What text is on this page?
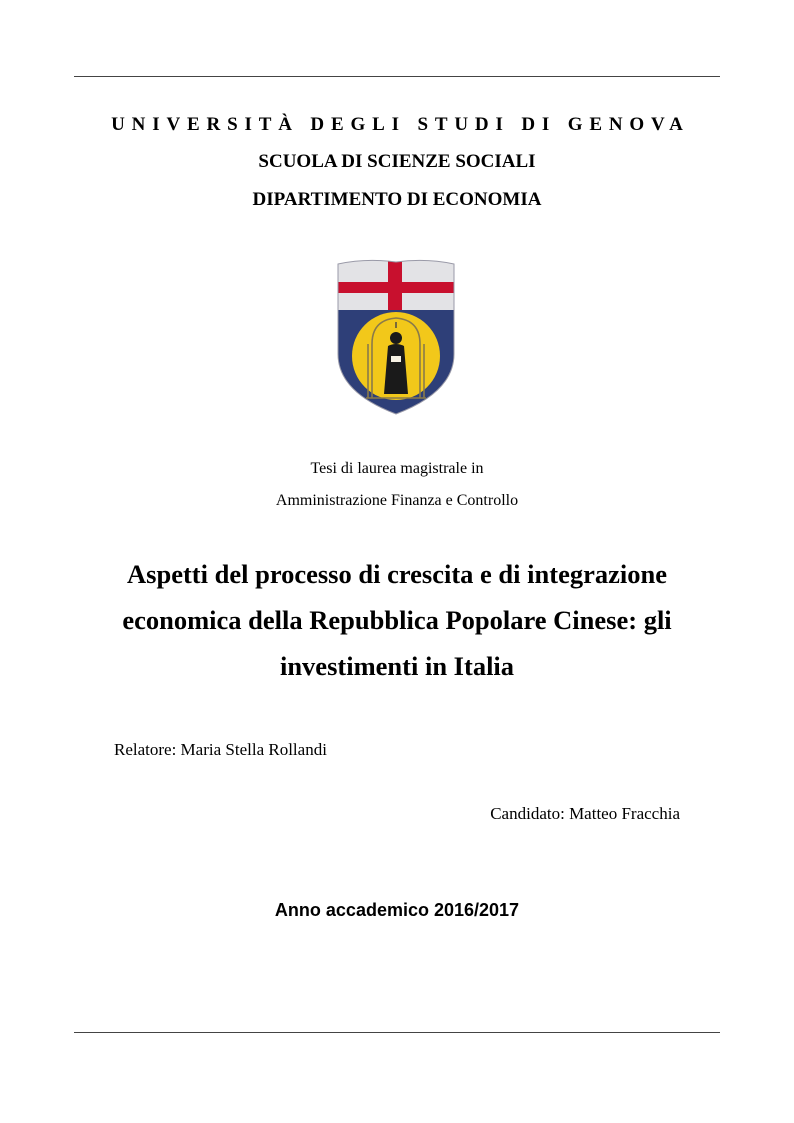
UNIVERSITÀ DEGLI STUDI DI GENOVA
SCUOLA DI SCIENZE SOCIALI
DIPARTIMENTO DI ECONOMIA
Tesi di laurea magistrale in
Amministrazione Finanza e Controllo
Aspetti del processo di crescita e di integrazione economica della Repubblica Popolare Cinese: gli investimenti in Italia
Relatore: Maria Stella Rollandi
Candidato: Matteo Fracchia
Anno accademico 2016/2017
